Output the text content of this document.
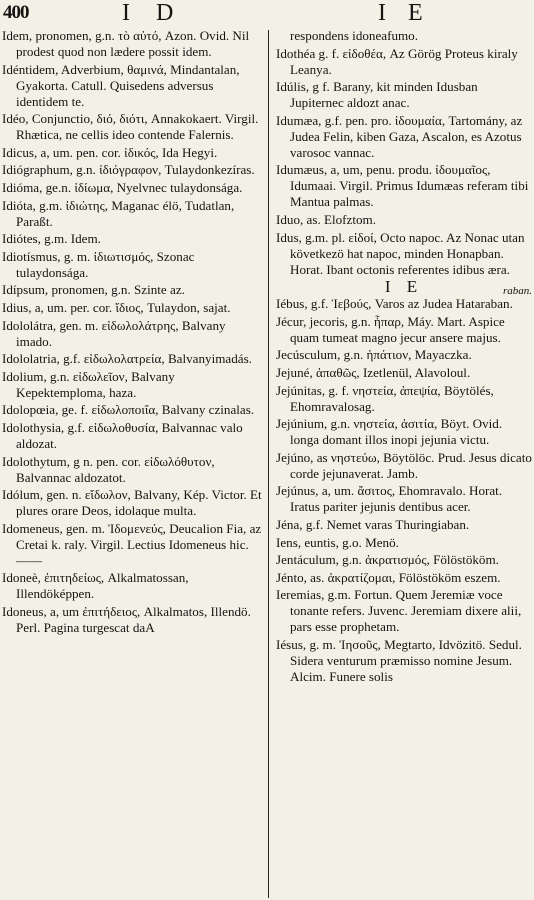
400	I D	I E

Idem, pronomen, g.n. τὸ αὐτό, Azon. Ovid. Nil prodest quod non lædere possit idem.

Idéntidem, Adverbium, θαμινά, Mindantalan, Gyakorta. Catull. Quisedens adversus identidem te.

Idéo, Conjunctio, διό, διότι, Annakokaert. Virgil. Rhætica, ne cellis ideo contende Falernis.

Idicus, a, um. pen. cor. ἰδικός, Ida Hegyi.

Idiógraphum, g.n. ἰδιόγραφον, Tulaydonkezíras.

Idióma, ge.n. ἰδίωμα, Nyelvnec tulaydonsága.

Idióta, g.m. ἰδιώτης, Maganac élö, Tudatlan, Paraßt.

Idiótes, g.m. Idem.

Idiotísmus, g. m. ἰδιωτισμός, Szonac tulaydonsága.

Idípsum, pronomen, g.n. Szinte az.

Idius, a, um. per. cor. ἴδιος, Tulaydon, sajat.

Idololátra, gen. m. εἰδωλολάτρης, Balvany imado.

Idololatria, g.f. εἰδωλολατρεία, Balvanyimadás.

Idolium, g.n. εἰδωλεῖον, Balvany Kepektemploma, haza.

Idolopœia, ge. f. εἰδωλοποιΐα, Balvany czinalas.

Idolothysia, g.f. εἰδωλοθυσία, Balvannac valo aldozat.

Idolothytum, g n. pen. cor. εἰδωλόθυτον, Balvannac aldozatot.

Idólum, gen. n. εἴδωλον, Balvany, Kép. Victor. Et plures orare Deos, idolaque multa.

Idomeneus, gen. m. Ἰδομενεύς, Deucalion Fia, az Cretai k. raly. Virgil. Lectius Idomeneus hic.——

Idoneè, ἐπιτηδείως, Alkalmatossan, Illendöképpen.

Idoneus, a, um ἐπιτήδειος, Alkalmatos, Illendö. Perl. Pagina turgescat daA

respondens idoneafumo.

Idothéa g. f. εἰδοθέα, Az Görög Proteus kiraly Leanya.

Idúlis, g f. Barany, kit minden Idusban Jupiternec aldozt anac.

Idumæa, g.f. pen. pro. ἰδουμαία, Tartomány, az Judea Felin, kiben Gaza, Ascalon, es Azotus varosoc vannac.

Idumæus, a, um, penu. produ. ἰδουμαῖος, Idumaai. Virgil. Primus Idumæas referam tibi Mantua palmas.

Iduo, as. Elofztom.

Idus, g.m. pl. εἰδοί, Octo napoc. Az Nonac utan következö hat napoc, minden Honapban. Horat. Ibant octonis referentes idibus æra.

I E	raban.

Iébus, g.f. Ἱεβούς, Varos az Judea Hataraban.

Jécur, jecoris, g.n. ἧπαρ, Máy. Mart. Aspice quam tumeat magno jecur ansere majus.

Jecúsculum, g.n. ἡπάτιον, Mayaczka.

Jejuné, ἀπαθῶς, Izetlenül, Alavoloul.

Jejúnitas, g. f. νηστεία, ἀπεψία, Böytölés, Ehomravalosag.

Jejúnium, g.n. νηστεία, ἀσιτία, Böyt. Ovid. longa domant illos inopi jejunia victu.

Jejúno, as νηστεύω, Böytölöc. Prud. Jesus dicato corde jejunaverat. Jamb.

Jejúnus, a, um. ἄσιτος, Ehomravalo. Horat. Iratus pariter jejunis dentibus acer.

Jéna, g.f. Nemet varas Thuringiaban.

Iens, euntis, g.o. Menö.

Jentáculum, g.n. ἀκρατισμός, Fölöstököm.

Jénto, as. ἀκρατίζομαι, Fölöstököm eszem.

Ieremias, g.m. Fortun. Quem Jeremiæ voce tonante refers. Juvenc. Jeremiam dixere alii, pars esse prophetam.

Iésus, g. m. Ἰησοῦς, Megtarto, Idvözitö. Sedul. Sidera venturum præmisso nomine Jesum. Alcim. Funere solis
